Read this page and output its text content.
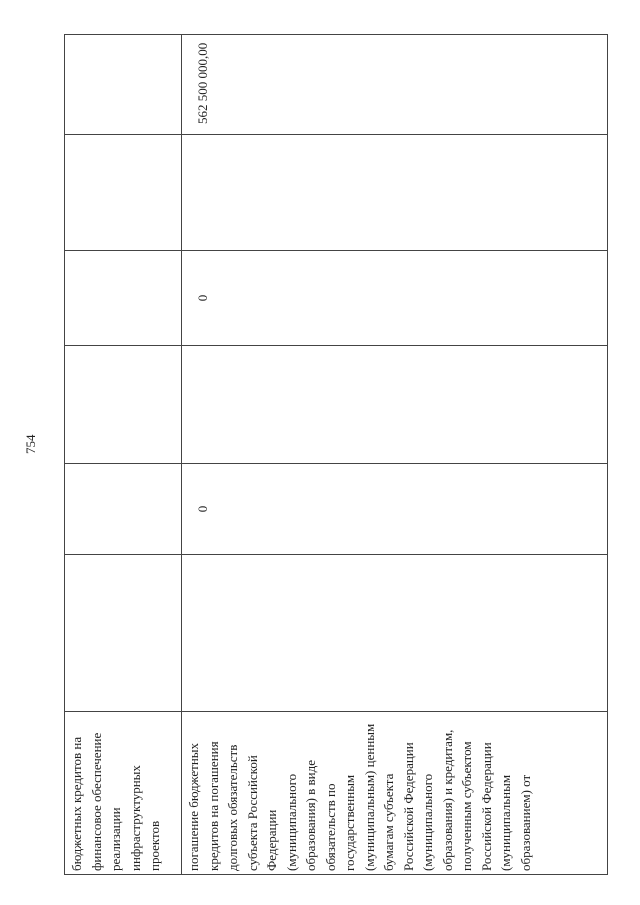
754
бюджетных кредитов на финансовое обеспечение реализации инфраструктурных проектов						
погашение бюджетных кредитов на погашения долговых обязательств субъекта Российской Федерации (муниципального образования) в виде обязательств по государственным (муниципальным) ценным бумагам субъекта Российской Федерации (муниципального образования) и кредитам, полученным субъектом Российской Федерации (муниципальным образованием) от		0		0		562 500 000,00
